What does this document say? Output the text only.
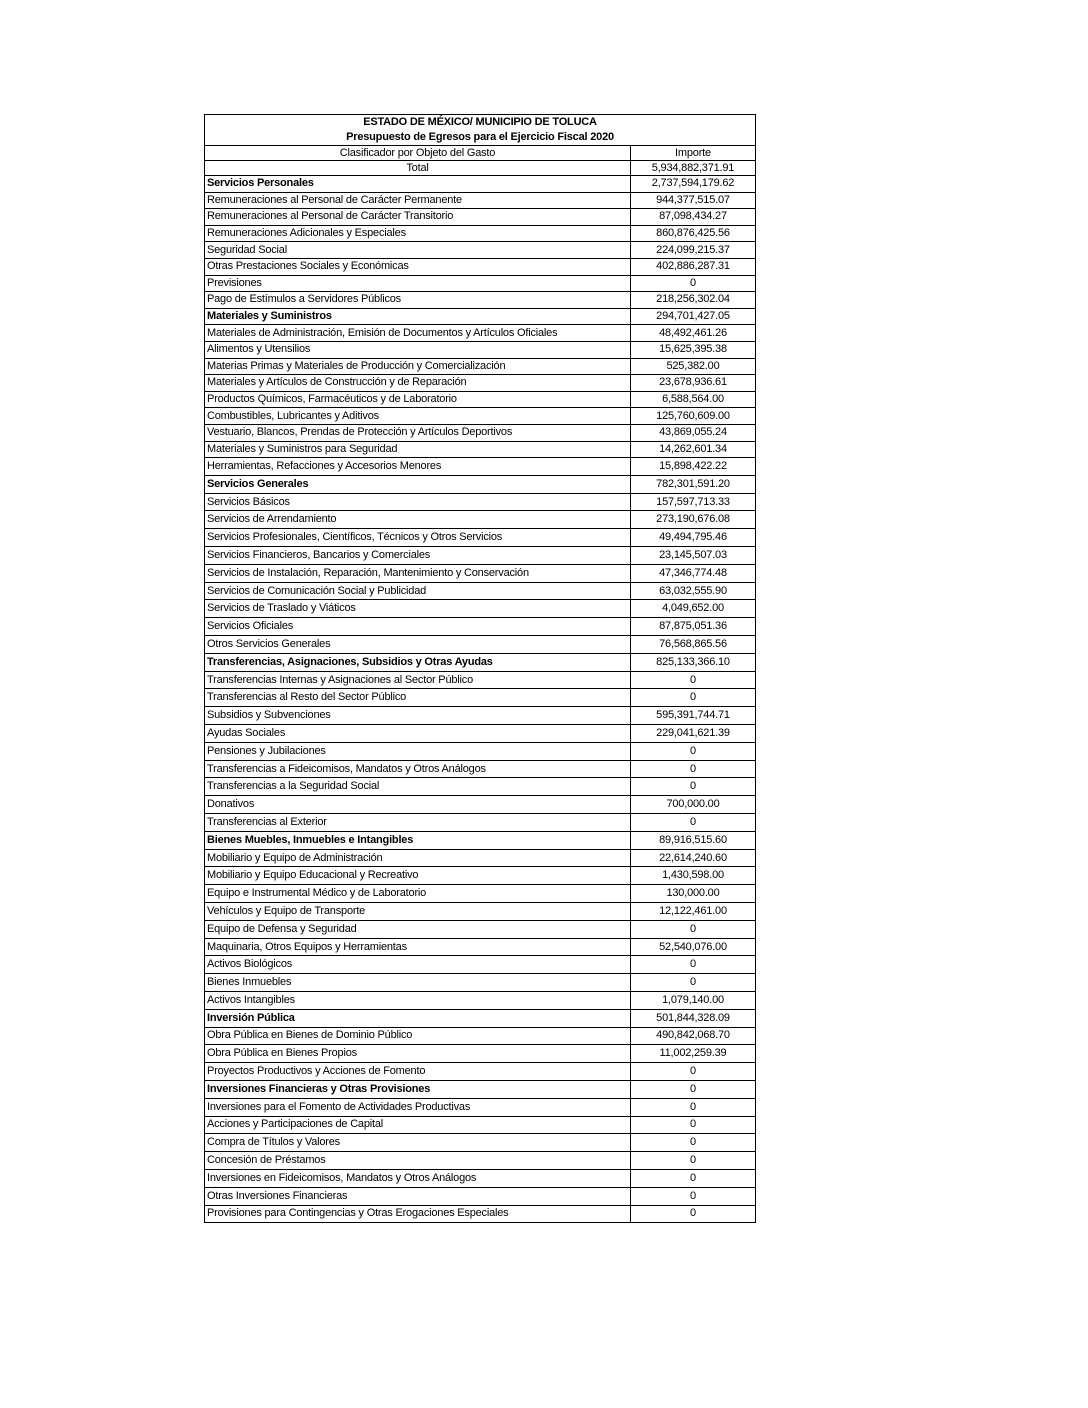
ESTADO DE MÉXICO/ MUNICIPIO DE TOLUCA	
Presupuesto de Egresos para el Ejercicio Fiscal 2020	
Clasificador por Objeto del Gasto	Importe
Total	5,934,882,371.91
Servicios Personales	2,737,594,179.62
Remuneraciones al Personal de Carácter Permanente	944,377,515.07
Remuneraciones al Personal de Carácter Transitorio	87,098,434.27
Remuneraciones Adicionales y Especiales	860,876,425.56
Seguridad Social	224,099,215.37
Otras Prestaciones Sociales y Económicas	402,886,287.31
Previsiones	0
Pago de Estímulos a Servidores Públicos	218,256,302.04
Materiales y Suministros	294,701,427.05
Materiales de Administración, Emisión de Documentos y Artículos Oficiales	48,492,461.26
Alimentos y Utensilios	15,625,395.38
Materias Primas y Materiales de Producción y Comercialización	525,382.00
Materiales y Artículos de Construcción y de Reparación	23,678,936.61
Productos Químicos, Farmacéuticos y de Laboratorio	6,588,564.00
Combustibles, Lubricantes y Aditivos	125,760,609.00
Vestuario, Blancos, Prendas de Protección y Artículos Deportivos	43,869,055.24
Materiales y Suministros para Seguridad	14,262,601.34
Herramientas, Refacciones y Accesorios Menores	15,898,422.22
Servicios Generales	782,301,591.20
Servicios Básicos	157,597,713.33
Servicios de Arrendamiento	273,190,676.08
Servicios Profesionales, Científicos, Técnicos y Otros Servicios	49,494,795.46
Servicios Financieros, Bancarios y Comerciales	23,145,507.03
Servicios de Instalación, Reparación, Mantenimiento y Conservación	47,346,774.48
Servicios de Comunicación Social y Publicidad	63,032,555.90
Servicios de Traslado y Viáticos	4,049,652.00
Servicios Oficiales	87,875,051.36
Otros Servicios Generales	76,568,865.56
Transferencias, Asignaciones, Subsidios y Otras Ayudas	825,133,366.10
Transferencias Internas y Asignaciones al Sector Público	0
Transferencias al Resto del Sector Público	0
Subsidios y Subvenciones	595,391,744.71
Ayudas Sociales	229,041,621.39
Pensiones y Jubilaciones	0
Transferencias a Fideicomisos, Mandatos y Otros Análogos	0
Transferencias a la Seguridad Social	0
Donativos	700,000.00
Transferencias al Exterior	0
Bienes Muebles, Inmuebles e Intangibles	89,916,515.60
Mobiliario y Equipo de Administración	22,614,240.60
Mobiliario y Equipo Educacional y Recreativo	1,430,598.00
Equipo e Instrumental Médico y de Laboratorio	130,000.00
Vehículos y Equipo de Transporte	12,122,461.00
Equipo de Defensa y Seguridad	0
Maquinaria, Otros Equipos y Herramientas	52,540,076.00
Activos Biológicos	0
Bienes Inmuebles	0
Activos Intangibles	1,079,140.00
Inversión Pública	501,844,328.09
Obra Pública en Bienes de Dominio Público	490,842,068.70
Obra Pública en Bienes Propios	11,002,259.39
Proyectos Productivos y Acciones de Fomento	0
Inversiones Financieras y Otras Provisiones	0
Inversiones para el Fomento de Actividades Productivas	0
Acciones y Participaciones de Capital	0
Compra de Títulos y Valores	0
Concesión de Préstamos	0
Inversiones en Fideicomisos, Mandatos y Otros Análogos	0
Otras Inversiones Financieras	0
Provisiones para Contingencias y Otras Erogaciones Especiales	0
